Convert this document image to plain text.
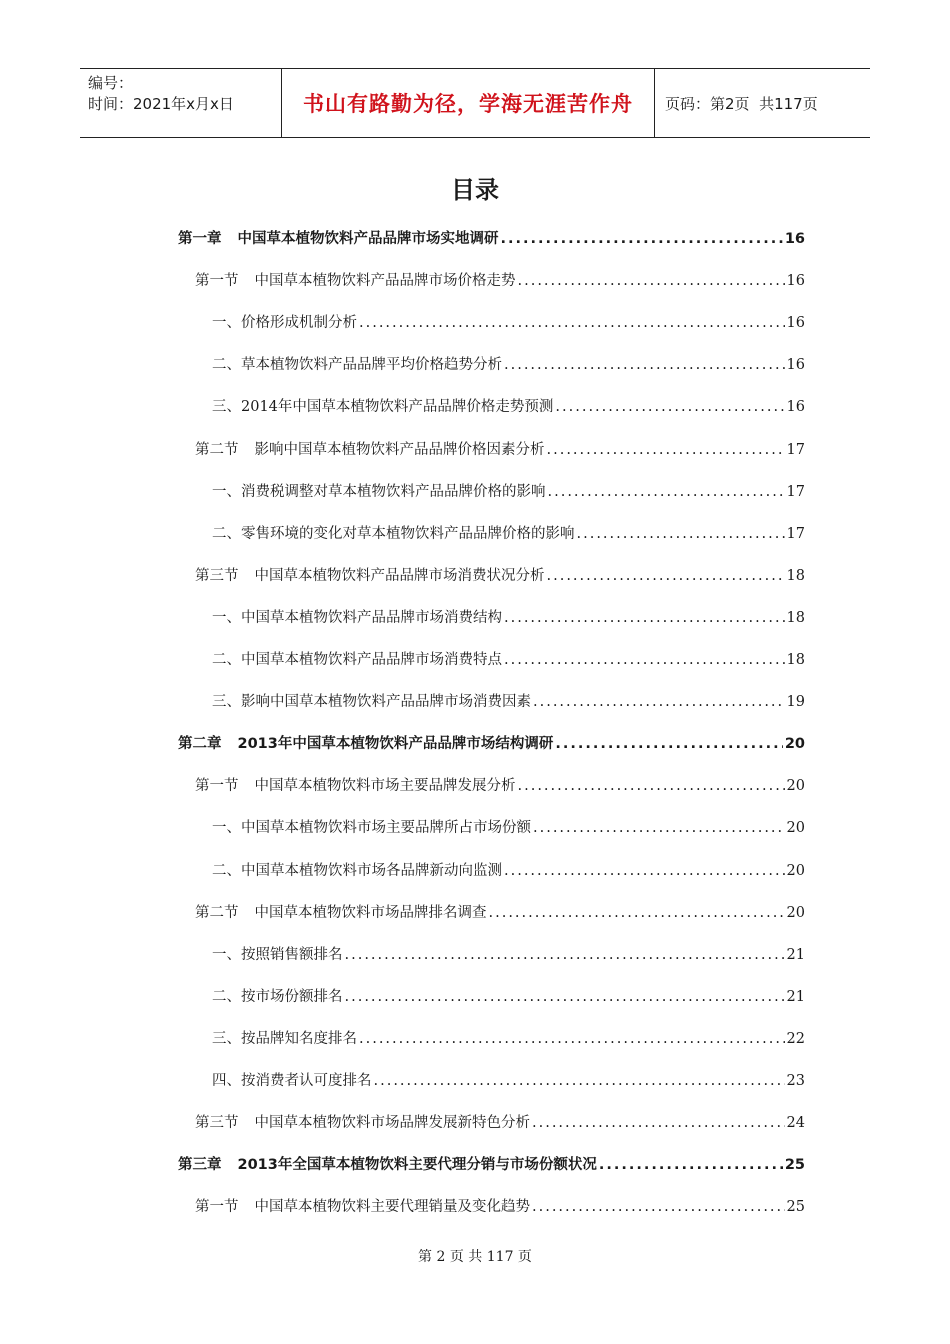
编号：
时间：2021年x月x日	书山有路勤为径，学海无涯苦作舟	页码：第2页  共117页
目录
第一章 中国草本植物饮料产品品牌市场实地调研 .....	16
第一节 中国草本植物饮料产品品牌市场价格走势 .....	16
一、 价格形成机制分析 .....	16
二、 草本植物饮料产品品牌平均价格趋势分析 .....	16
三、 2014年中国草本植物饮料产品品牌价格走势预测 .....	16
第二节 影响中国草本植物饮料产品品牌价格因素分析 .....	17
一、 消费税调整对草本植物饮料产品品牌价格的影响 .....	17
二、 零售环境的变化对草本植物饮料产品品牌价格的影响 .....	17
第三节 中国草本植物饮料产品品牌市场消费状况分析 .....	18
一、 中国草本植物饮料产品品牌市场消费结构 .....	18
二、 中国草本植物饮料产品品牌市场消费特点 .....	18
三、 影响中国草本植物饮料产品品牌市场消费因素 .....	19
第二章 2013年中国草本植物饮料产品品牌市场结构调研 .....	20
第一节 中国草本植物饮料市场主要品牌发展分析 .....	20
一、 中国草本植物饮料市场主要品牌所占市场份额 .....	20
二、 中国草本植物饮料市场各品牌新动向监测 .....	20
第二节 中国草本植物饮料市场品牌排名调查 .....	20
一、 按照销售额排名 .....	21
二、 按市场份额排名 .....	21
三、 按品牌知名度排名 .....	22
四、 按消费者认可度排名 .....	23
第三节 中国草本植物饮料市场品牌发展新特色分析 .....	24
第三章 2013年全国草本植物饮料主要代理分销与市场份额状况 .....	25
第一节 中国草本植物饮料主要代理销量及变化趋势 .....	25
第 2 页 共 117 页
